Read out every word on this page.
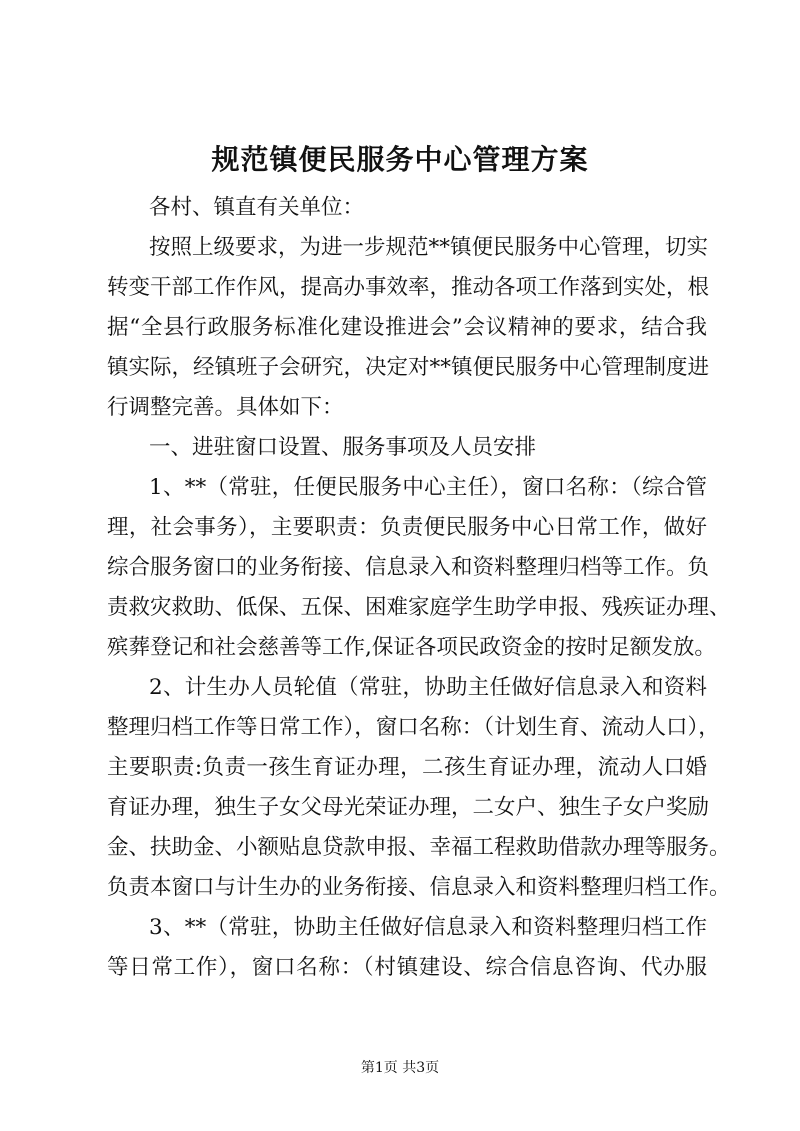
规范镇便民服务中心管理方案
各村、镇直有关单位：
按照上级要求，为进一步规范**镇便民服务中心管理，切实
转变干部工作作风，提高办事效率，推动各项工作落到实处，根
据“全县行政服务标准化建设推进会”会议精神的要求，结合我
镇实际，经镇班子会研究，决定对**镇便民服务中心管理制度进
行调整完善。具体如下：
一、进驻窗口设置、服务事项及人员安排
1、**（常驻，任便民服务中心主任），窗口名称：（综合管
理，社会事务），主要职责：负责便民服务中心日常工作，做好
综合服务窗口的业务衔接、信息录入和资料整理归档等工作。负
责救灾救助、低保、五保、困难家庭学生助学申报、残疾证办理、
殡葬登记和社会慈善等工作,保证各项民政资金的按时足额发放。
2、计生办人员轮值（常驻，协助主任做好信息录入和资料
整理归档工作等日常工作），窗口名称：（计划生育、流动人口），
主要职责:负责一孩生育证办理，二孩生育证办理，流动人口婚
育证办理，独生子女父母光荣证办理，二女户、独生子女户奖励
金、扶助金、小额贴息贷款申报、幸福工程救助借款办理等服务。
负责本窗口与计生办的业务衔接、信息录入和资料整理归档工作。
3、**（常驻，协助主任做好信息录入和资料整理归档工作
等日常工作），窗口名称：（村镇建设、综合信息咨询、代办服
第1页 共3页
